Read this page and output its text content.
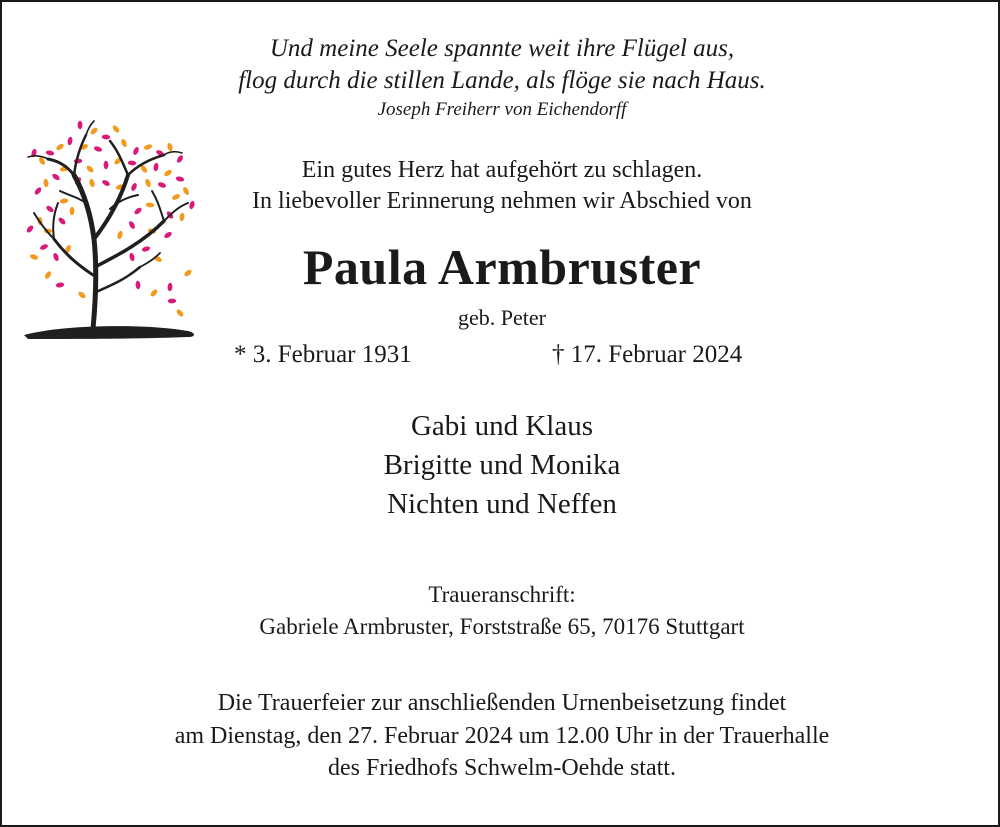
Und meine Seele spannte weit ihre Flügel aus,
flog durch die stillen Lande, als flöge sie nach Haus.
Joseph Freiherr von Eichendorff
Ein gutes Herz hat aufgehört zu schlagen.
In liebevoller Erinnerung nehmen wir Abschied von
Paula Armbruster
geb. Peter
* 3. Februar 1931	† 17. Februar 2024
Gabi und Klaus
Brigitte und Monika
Nichten und Neffen
Traueranschrift:
Gabriele Armbruster, Forststraße 65, 70176 Stuttgart
Die Trauerfeier zur anschließenden Urnenbeisetzung findet
am Dienstag, den 27. Februar 2024 um 12.00 Uhr in der Trauerhalle
des Friedhofs Schwelm-Oehde statt.
